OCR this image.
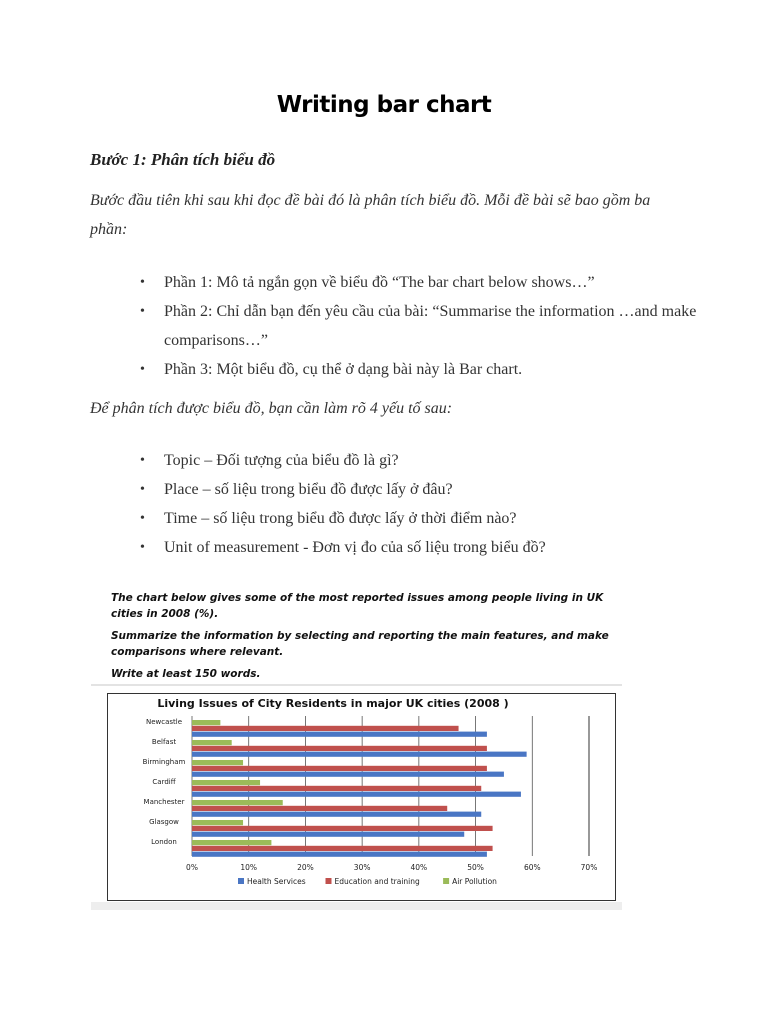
Writing bar chart
Bước 1: Phân tích biểu đồ
Bước đầu tiên khi sau khi đọc đề bài đó là phân tích biểu đồ. Mỗi đề bài sẽ bao gồm ba phần:
• Phần 1: Mô tả ngắn gọn về biểu đồ “The bar chart below shows…”
• Phần 2: Chỉ dẫn bạn đến yêu cầu của bài: “Summarise the information …and make comparisons…”
• Phần 3: Một biểu đồ, cụ thể ở dạng bài này là Bar chart.
Để phân tích được biểu đồ, bạn cần làm rõ 4 yếu tố sau:
• Topic – Đối tượng của biểu đồ là gì?
• Place – số liệu trong biểu đồ được lấy ở đâu?
• Time – số liệu trong biểu đồ được lấy ở thời điểm nào?
• Unit of measurement - Đơn vị đo của số liệu trong biểu đồ?
The chart below gives some of the most reported issues among people living in UK cities in 2008 (%).
Summarize the information by selecting and reporting the main features, and make comparisons where relevant.
Write at least 150 words.
Living Issues of City Residents in major UK cities (2008 )
0%	10%	20%	30%	40%	50%	60%	70%
Newcastle
Belfast
Birmingham
Cardiff
Manchester
Glasgow
London
Health Services	Education and training	Air Pollution
